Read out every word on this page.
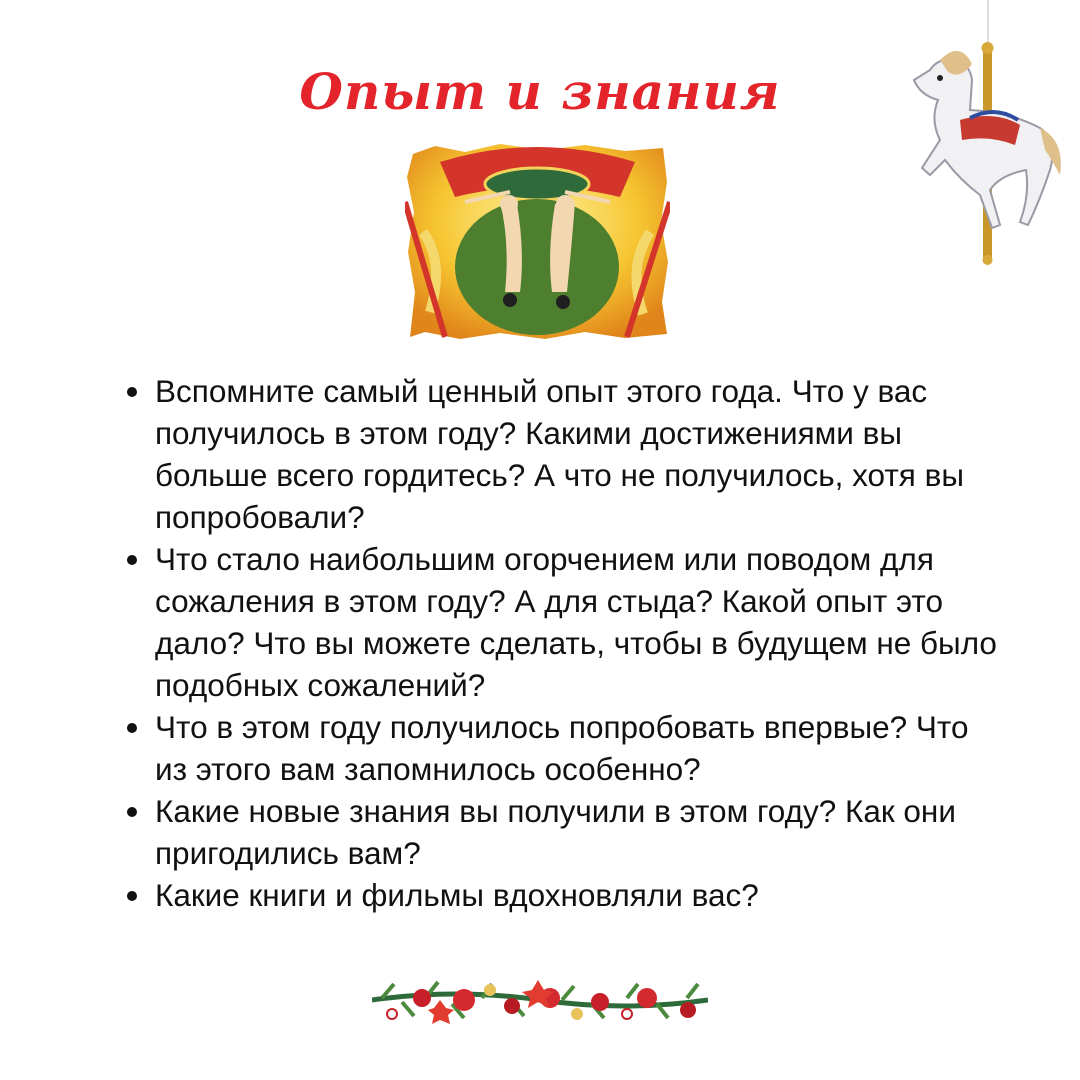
Опыт и знания
Вспомните самый ценный опыт этого года. Что у вас получилось в этом году? Какими достижениями вы больше всего гордитесь? А что не получилось, хотя вы попробовали?
Что стало наибольшим огорчением или поводом для сожаления в этом году? А для стыда? Какой опыт это дало? Что вы можете сделать, чтобы в будущем не было подобных сожалений?
Что в этом году получилось попробовать впервые? Что из этого вам запомнилось особенно?
Какие новые знания вы получили в этом году? Как они пригодились вам?
Какие книги и фильмы вдохновляли вас?
